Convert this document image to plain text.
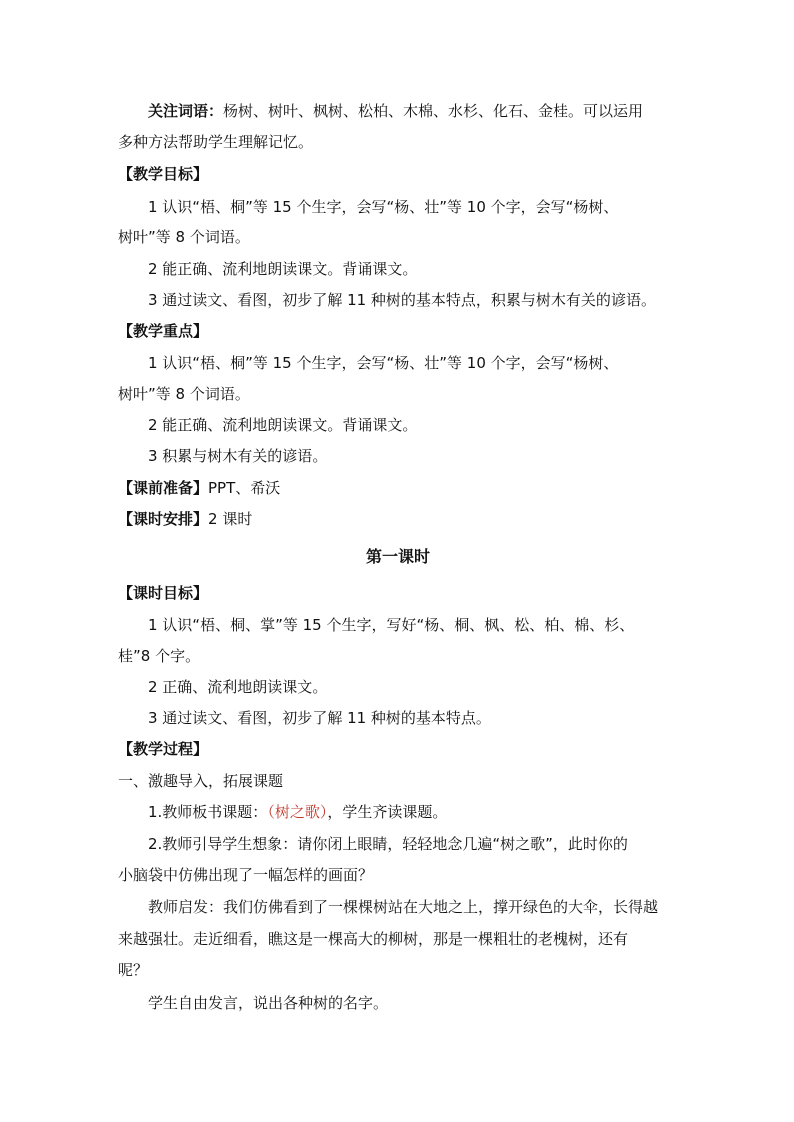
关注词语：杨树、树叶、枫树、松柏、木棉、水杉、化石、金桂。可以运用

多种方法帮助学生理解记忆。

【教学目标】

1 认识“梧、桐”等 15 个生字，会写“杨、壮”等 10 个字，会写“杨树、

树叶”等 8 个词语。

2 能正确、流利地朗读课文。背诵课文。

3 通过读文、看图，初步了解 11 种树的基本特点，积累与树木有关的谚语。

【教学重点】

1 认识“梧、桐”等 15 个生字，会写“杨、壮”等 10 个字，会写“杨树、

树叶”等 8 个词语。

2 能正确、流利地朗读课文。背诵课文。

3 积累与树木有关的谚语。

【课前准备】PPT、希沃

【课时安排】2 课时

第一课时

【课时目标】

1 认识“梧、桐、掌”等 15 个生字，写好“杨、桐、枫、松、柏、棉、杉、

桂”8 个字。

2 正确、流利地朗读课文。

3 通过读文、看图，初步了解 11 种树的基本特点。

【教学过程】

一、激趣导入，拓展课题

1.教师板书课题：（树之歌），学生齐读课题。

2.教师引导学生想象：请你闭上眼睛，轻轻地念几遍“树之歌”，此时你的

小脑袋中仿佛出现了一幅怎样的画面？

教师启发：我们仿佛看到了一棵棵树站在大地之上，撑开绿色的大伞，长得越

来越强壮。走近细看，瞧这是一棵高大的柳树，那是一棵粗壮的老槐树，还有

呢？

学生自由发言，说出各种树的名字。
